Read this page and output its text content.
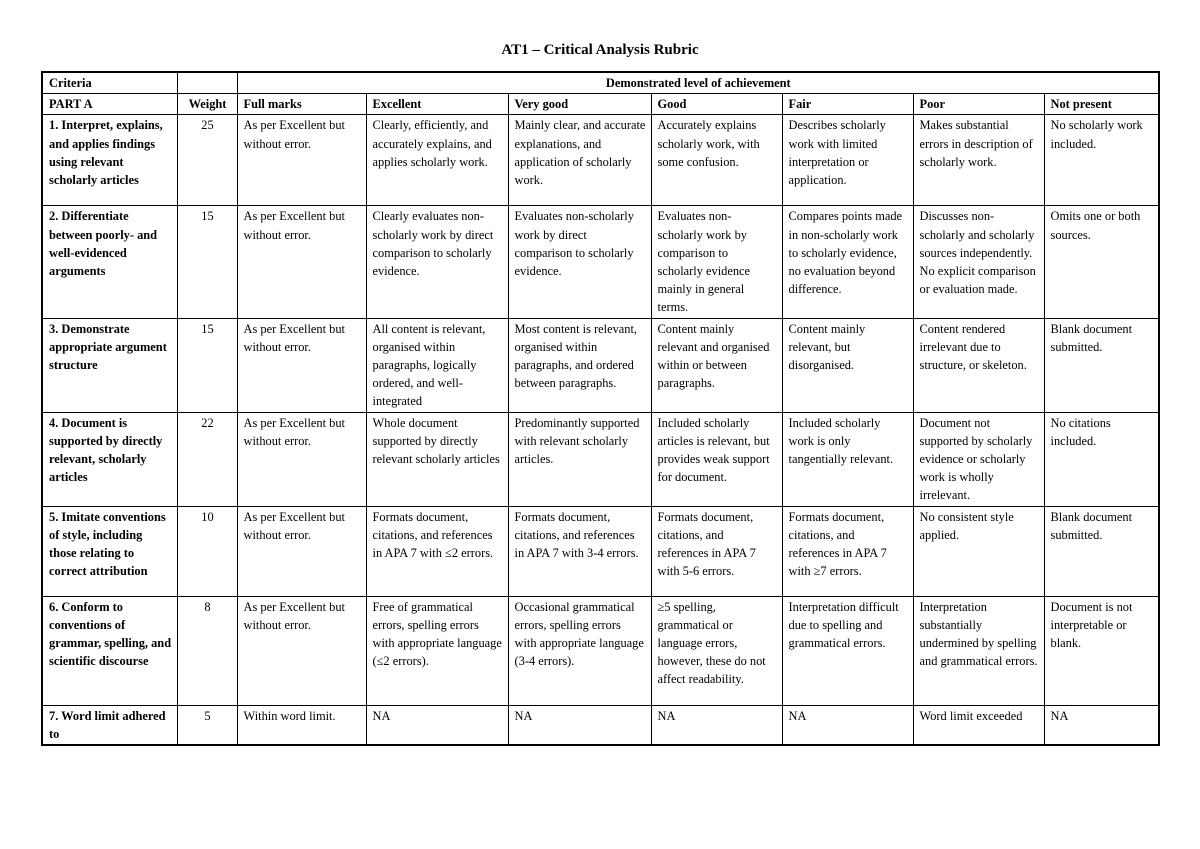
AT1 – Critical Analysis Rubric
Criteria		Demonstrated level of achievement						
PART A	Weight	Full marks	Excellent	Very good	Good	Fair	Poor	Not present
1. Interpret, explains, and applies findings using relevant scholarly articles	25	As per Excellent but without error.	Clearly, efficiently, and accurately explains, and applies scholarly work.	Mainly clear, and accurate explanations, and application of scholarly work.	Accurately explains scholarly work, with some confusion.	Describes scholarly work with limited interpretation or application.	Makes substantial errors in description of scholarly work.	No scholarly work included.
2. Differentiate between poorly- and well-evidenced arguments	15	As per Excellent but without error.	Clearly evaluates non-scholarly work by direct comparison to scholarly evidence.	Evaluates non-scholarly work by direct comparison to scholarly evidence.	Evaluates non-scholarly work by comparison to scholarly evidence mainly in general terms.	Compares points made in non-scholarly work to scholarly evidence, no evaluation beyond difference.	Discusses non-scholarly and scholarly sources independently. No explicit comparison or evaluation made.	Omits one or both sources.
3. Demonstrate appropriate argument structure	15	As per Excellent but without error.	All content is relevant, organised within paragraphs, logically ordered, and well-integrated	Most content is relevant, organised within paragraphs, and ordered between paragraphs.	Content mainly relevant and organised within or between paragraphs.	Content mainly relevant, but disorganised.	Content rendered irrelevant due to structure, or skeleton.	Blank document submitted.
4. Document is supported by directly relevant, scholarly articles	22	As per Excellent but without error.	Whole document supported by directly relevant scholarly articles	Predominantly supported with relevant scholarly articles.	Included scholarly articles is relevant, but provides weak support for document.	Included scholarly work is only tangentially relevant.	Document not supported by scholarly evidence or scholarly work is wholly irrelevant.	No citations included.
5. Imitate conventions of style, including those relating to correct attribution	10	As per Excellent but without error.	Formats document, citations, and references in APA 7 with ≤2 errors.	Formats document, citations, and references in APA 7 with 3-4 errors.	Formats document, citations, and references in APA 7 with 5-6 errors.	Formats document, citations, and references in APA 7 with ≥7 errors.	No consistent style applied.	Blank document submitted.
6. Conform to conventions of grammar, spelling, and scientific discourse	8	As per Excellent but without error.	Free of grammatical errors, spelling errors with appropriate language (≤2 errors).	Occasional grammatical errors, spelling errors with appropriate language (3-4 errors).	≥5 spelling, grammatical or language errors, however, these do not affect readability.	Interpretation difficult due to spelling and grammatical errors.	Interpretation substantially undermined by spelling and grammatical errors.	Document is not interpretable or blank.
7. Word limit adhered to	5	Within word limit.	NA	NA	NA	NA	Word limit exceeded	NA
